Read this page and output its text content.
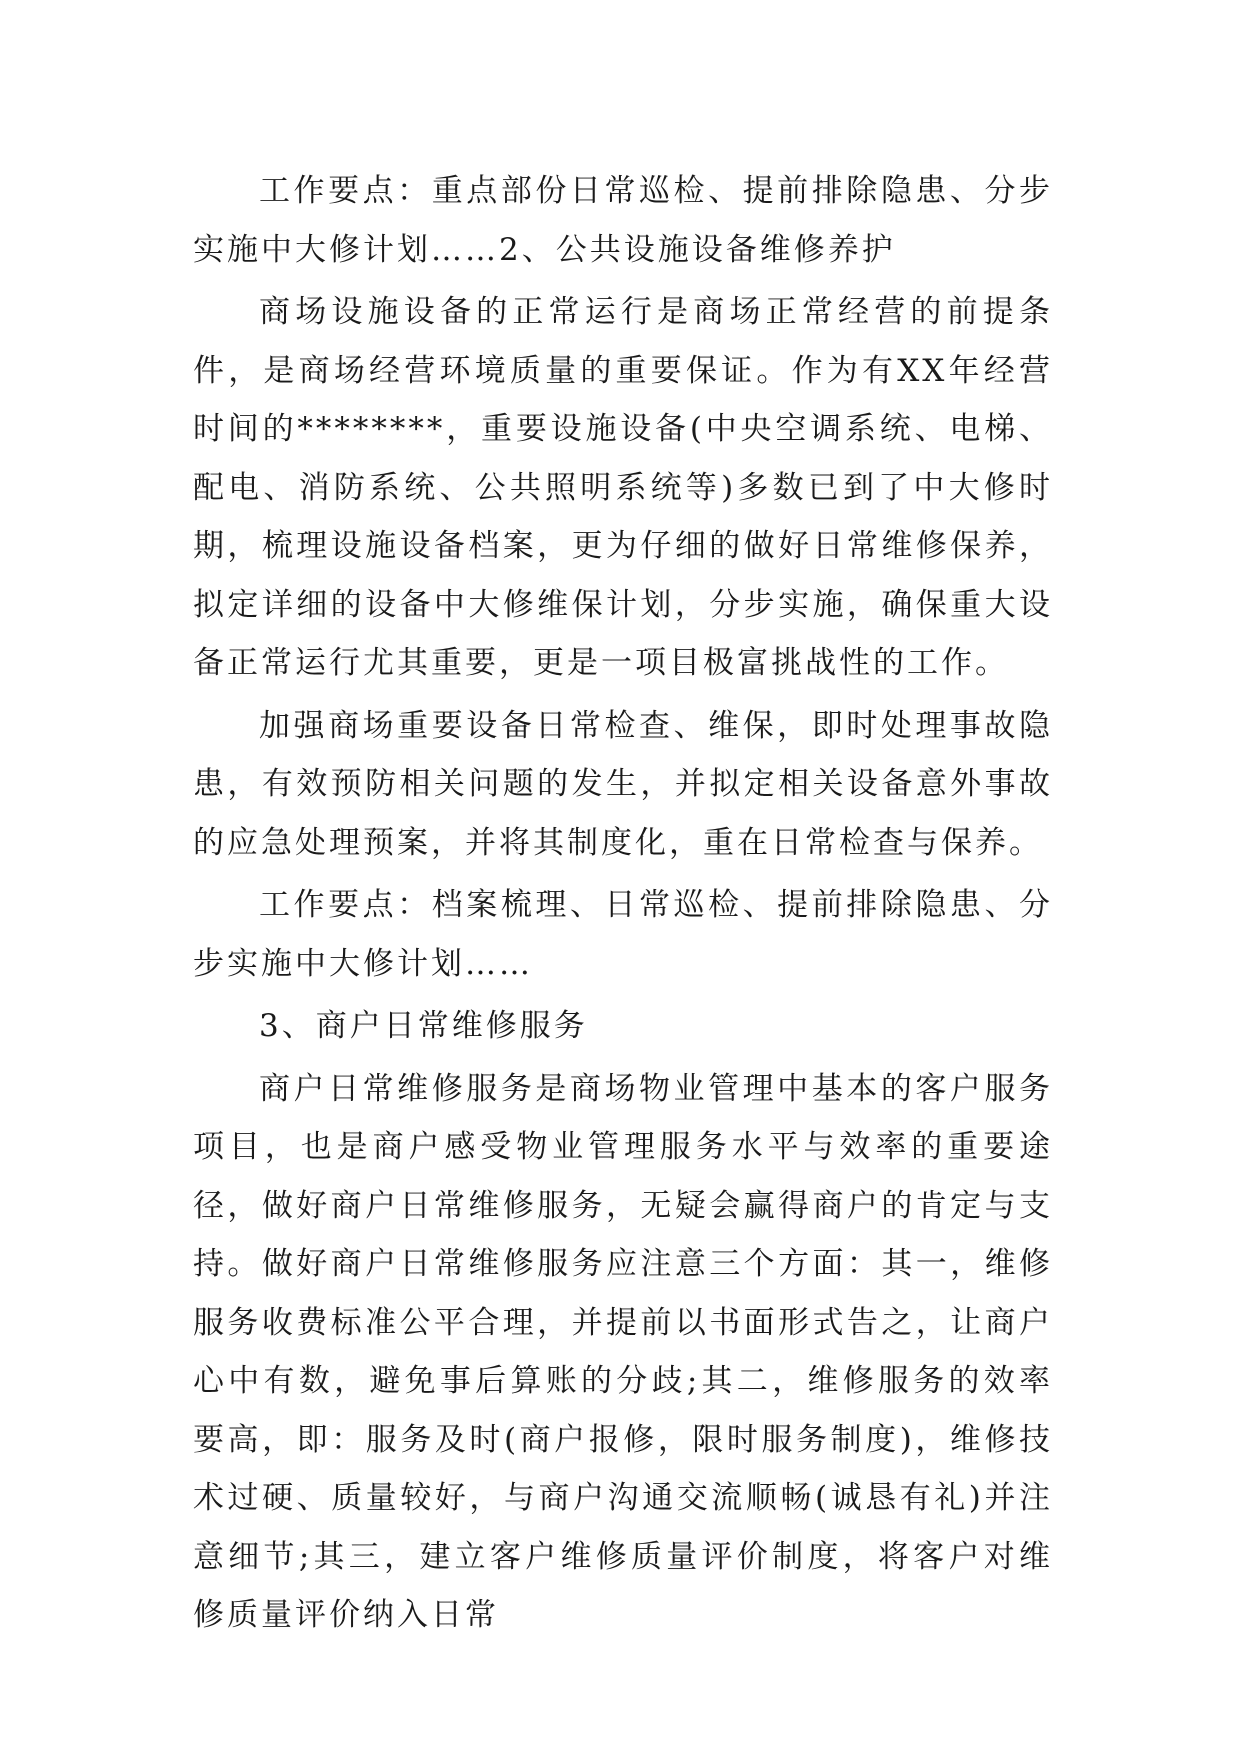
工作要点：重点部份日常巡检、提前排除隐患、分步实施中大修计划……2、公共设施设备维修养护

商场设施设备的正常运行是商场正常经营的前提条件，是商场经营环境质量的重要保证。作为有XX年经营时间的********，重要设施设备(中央空调系统、电梯、配电、消防系统、公共照明系统等)多数已到了中大修时期，梳理设施设备档案，更为仔细的做好日常维修保养，拟定详细的设备中大修维保计划，分步实施，确保重大设备正常运行尤其重要，更是一项目极富挑战性的工作。

加强商场重要设备日常检查、维保，即时处理事故隐患，有效预防相关问题的发生，并拟定相关设备意外事故的应急处理预案，并将其制度化，重在日常检查与保养。

工作要点：档案梳理、日常巡检、提前排除隐患、分步实施中大修计划……

3、商户日常维修服务

商户日常维修服务是商场物业管理中基本的客户服务项目，也是商户感受物业管理服务水平与效率的重要途径，做好商户日常维修服务，无疑会赢得商户的肯定与支持。做好商户日常维修服务应注意三个方面：其一，维修服务收费标准公平合理，并提前以书面形式告之，让商户心中有数，避免事后算账的分歧;其二，维修服务的效率要高，即：服务及时(商户报修，限时服务制度)，维修技术过硬、质量较好，与商户沟通交流顺畅(诚恳有礼)并注意细节;其三，建立客户维修质量评价制度，将客户对维修质量评价纳入日常
